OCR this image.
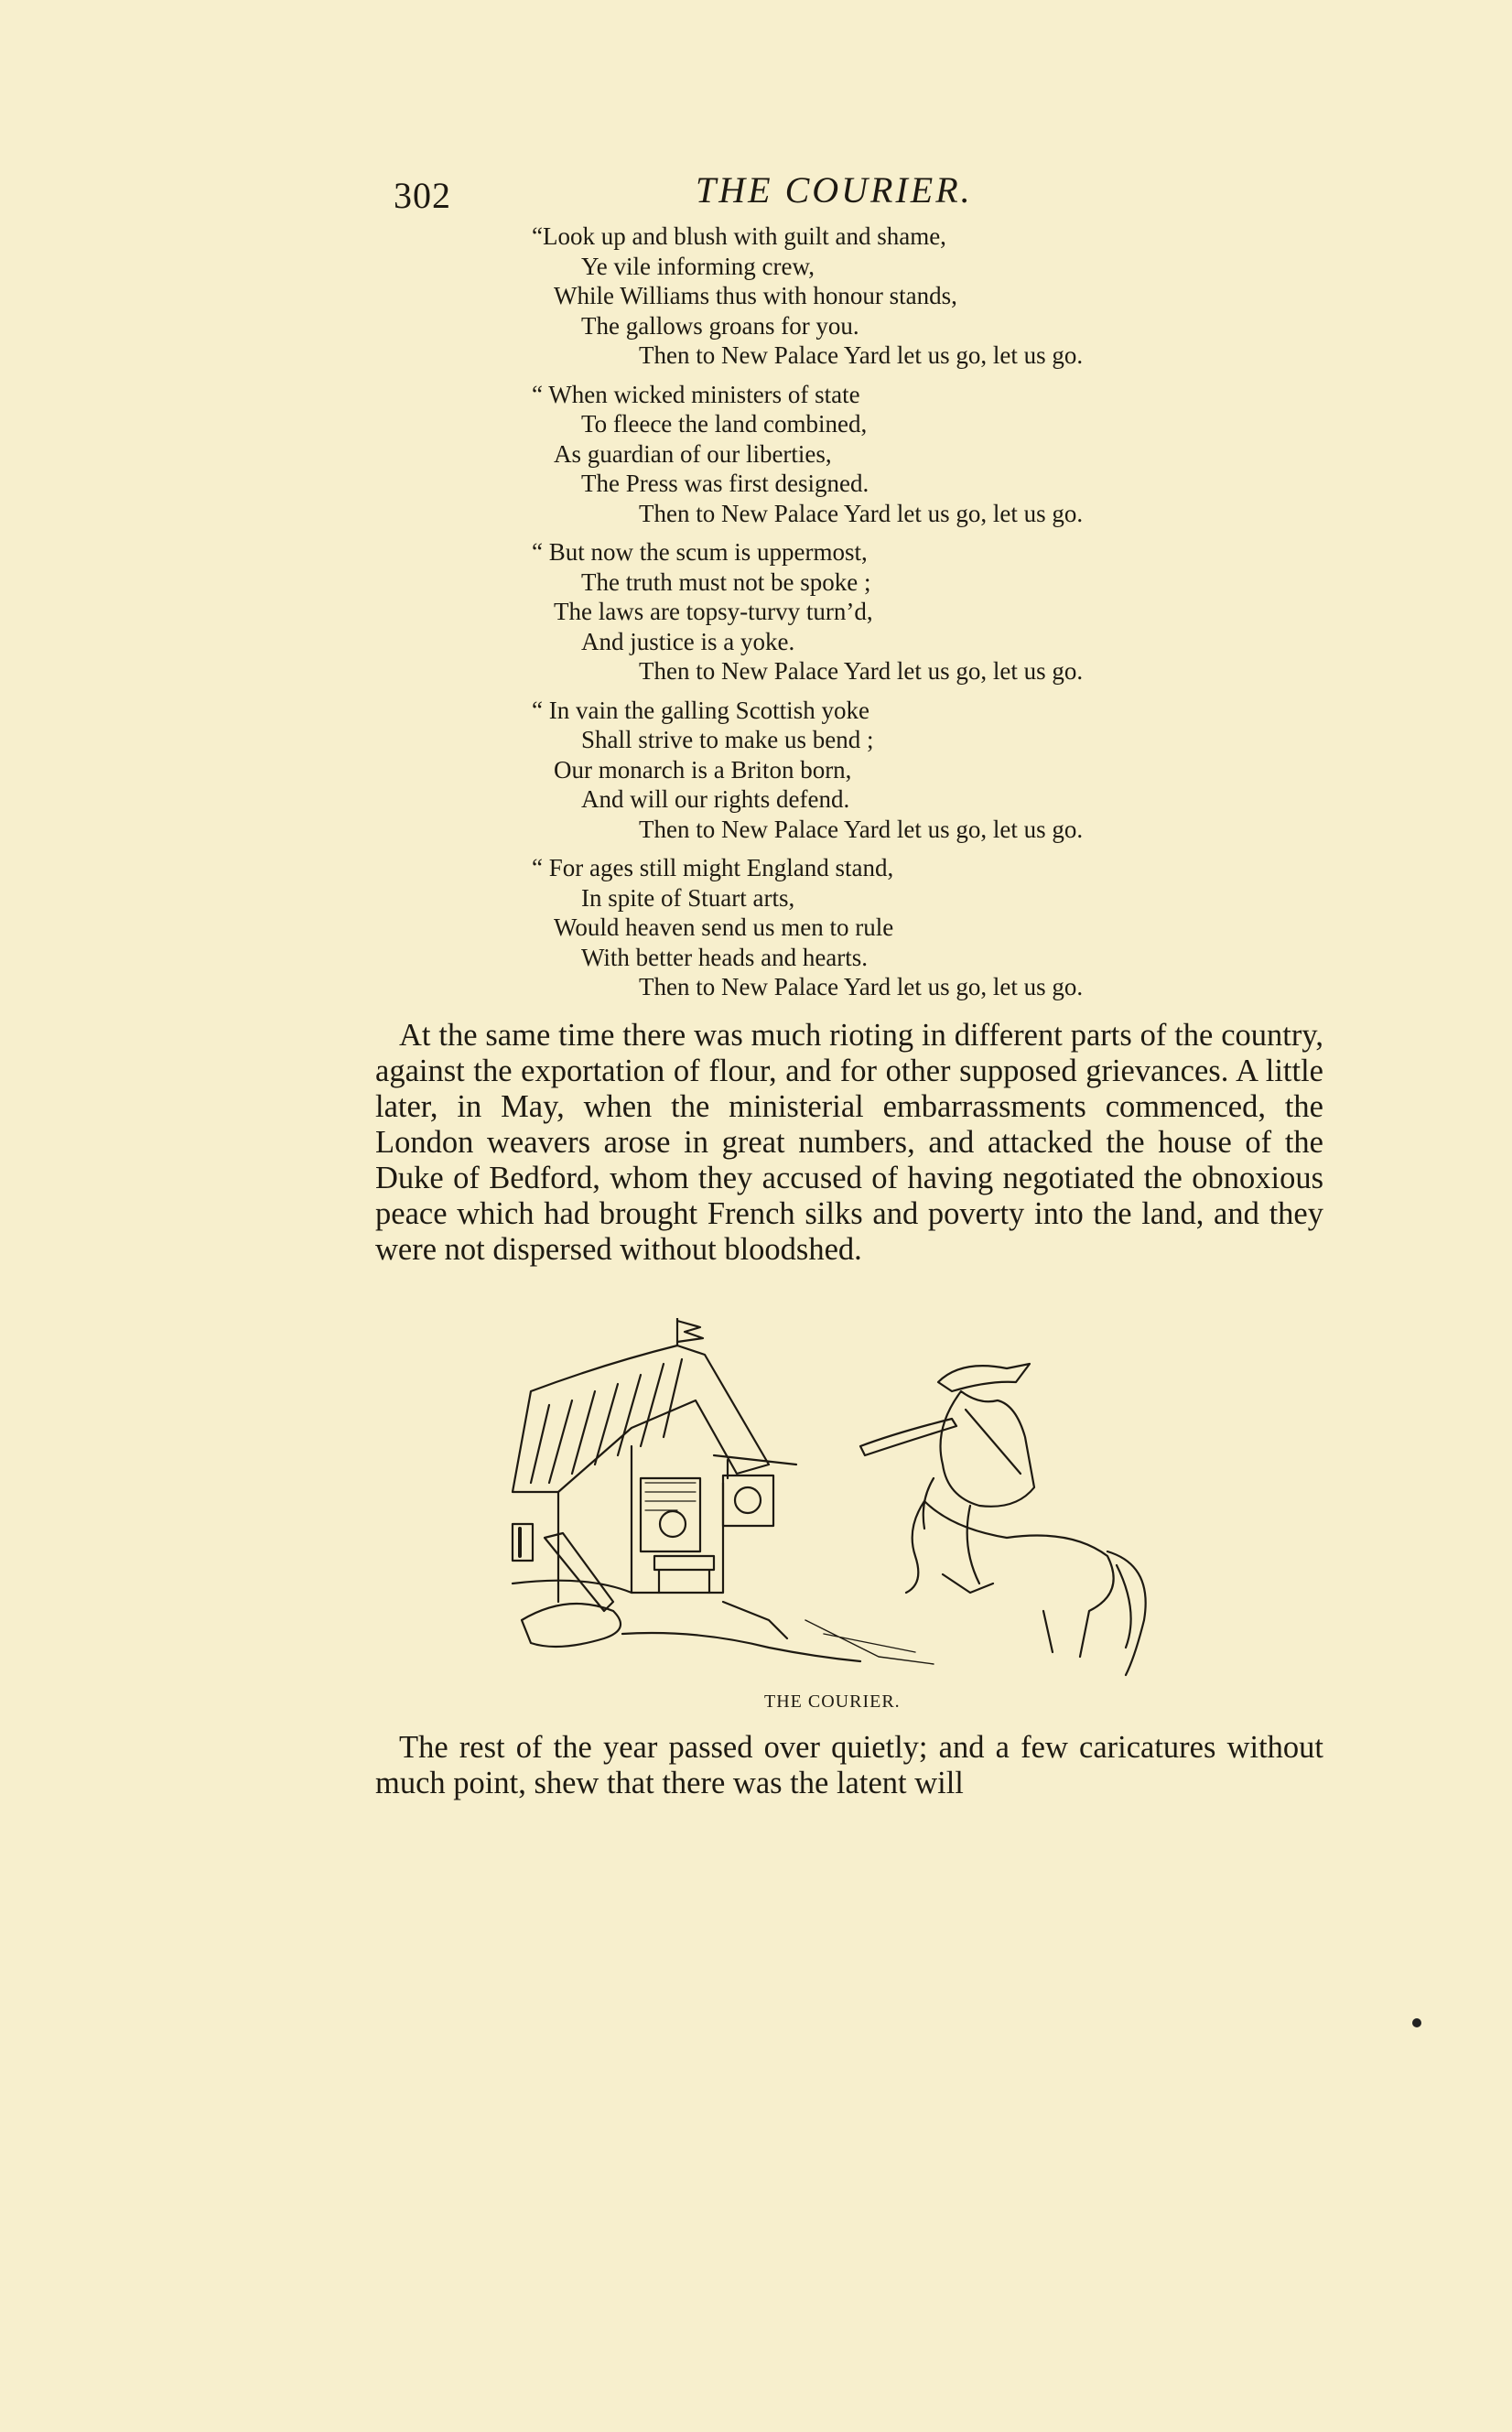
302	THE COURIER.
“Look up and blush with guilt and shame,
Ye vile informing crew,
While Williams thus with honour stands,
The gallows groans for you.
Then to New Palace Yard let us go, let us go.
“ When wicked ministers of state
To fleece the land combined,
As guardian of our liberties,
The Press was first designed.
Then to New Palace Yard let us go, let us go.
“ But now the scum is uppermost,
The truth must not be spoke ;
The laws are topsy-turvy turn’d,
And justice is a yoke.
Then to New Palace Yard let us go, let us go.
“ In vain the galling Scottish yoke
Shall strive to make us bend ;
Our monarch is a Briton born,
And will our rights defend.
Then to New Palace Yard let us go, let us go.
“ For ages still might England stand,
In spite of Stuart arts,
Would heaven send us men to rule
With better heads and hearts.
Then to New Palace Yard let us go, let us go.

At the same time there was much rioting in different parts of the country, against the exportation of flour, and for other supposed grievances. A little later, in May, when the ministerial embarrassments commenced, the London weavers arose in great numbers, and attacked the house of the Duke of Bedford, whom they accused of having negotiated the obnoxious peace which had brought French silks and poverty into the land, and they were not dispersed without bloodshed.

THE COURIER.

The rest of the year passed over quietly; and a few caricatures without much point, shew that there was the latent will
